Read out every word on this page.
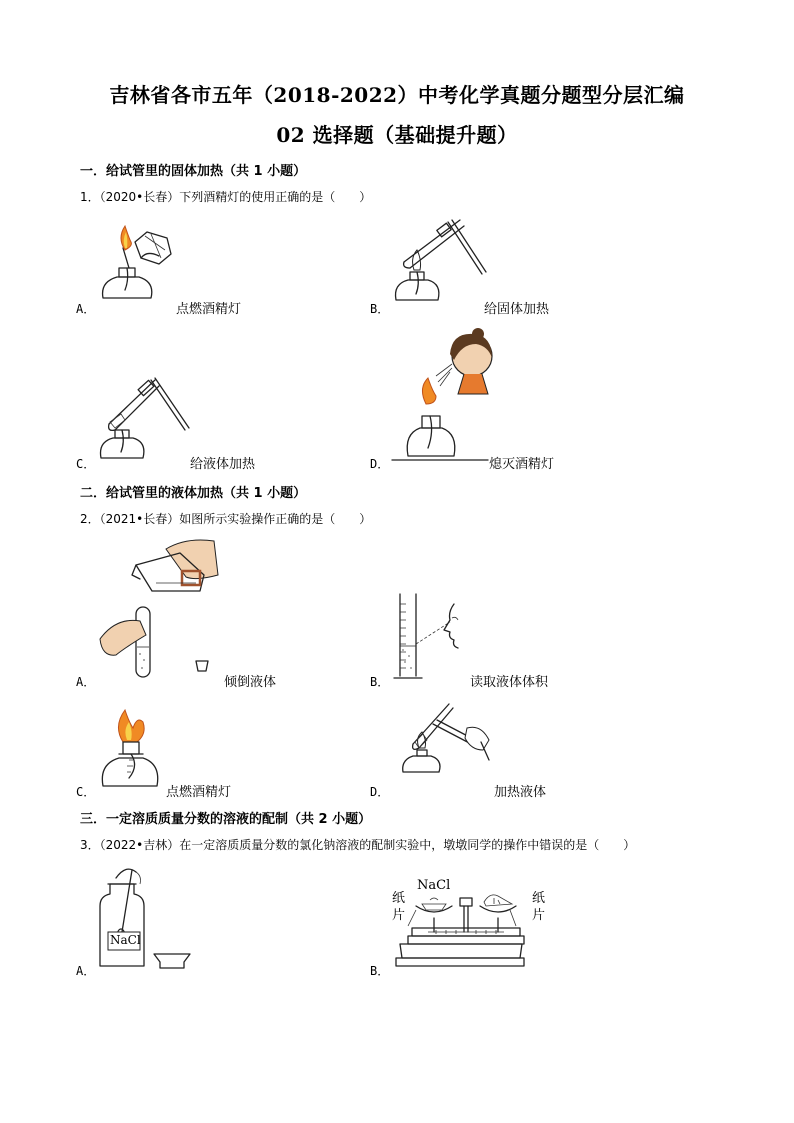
吉林省各市五年（2018-2022）中考化学真题分题型分层汇编
02 选择题（基础提升题）
一．给试管里的固体加热（共 1 小题）
1．（2020•长春）下列酒精灯的使用正确的是（　　）
A．	点燃酒精灯	B．	给固体加热
C．	给液体加热	D．	熄灭酒精灯
二．给试管里的液体加热（共 1 小题）
2．（2021•长春）如图所示实验操作正确的是（　　）
A．	倾倒液体	B．	读取液体体积
C．	点燃酒精灯	D．	加热液体
三．一定溶质质量分数的溶液的配制（共 2 小题）
3．（2022•吉林）在一定溶质质量分数的氯化钠溶液的配制实验中，墩墩同学的操作中错误的是（　　）
NaCl
A．
NaCl
纸片
纸片
B．
